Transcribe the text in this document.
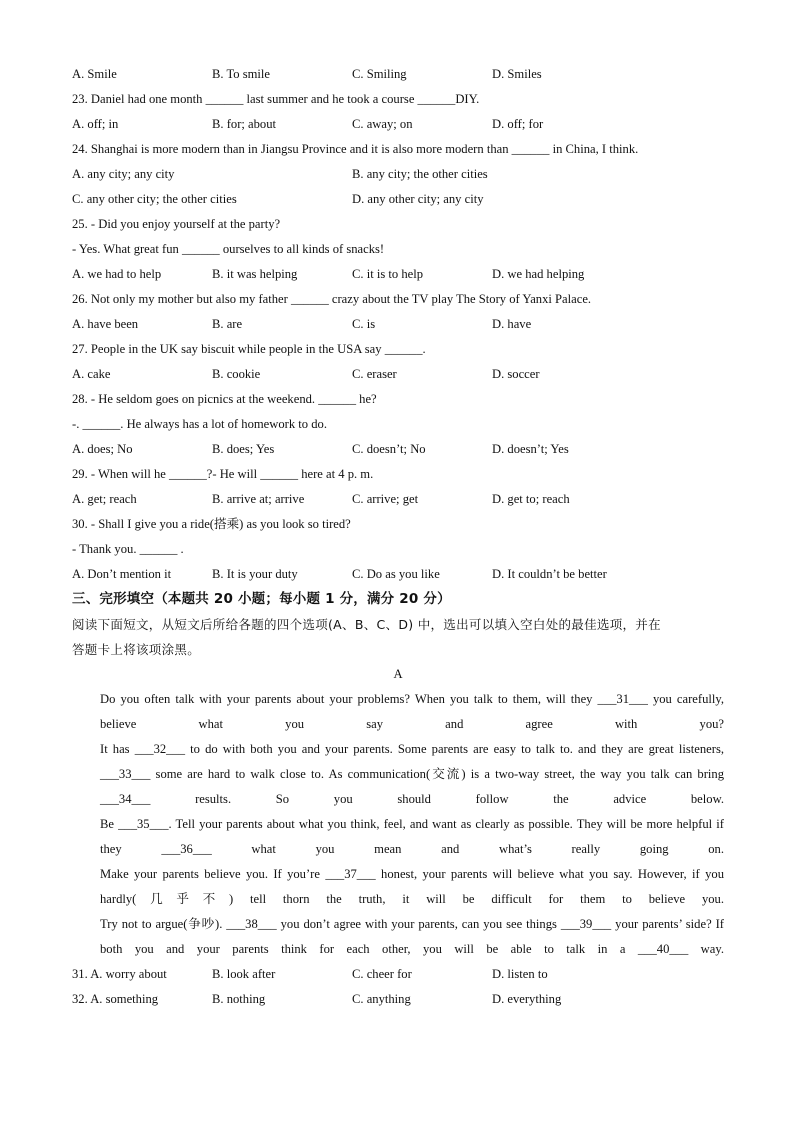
A. Smile	B. To smile	C. Smiling	D. Smiles
23. Daniel had one month ______ last summer and he took a course ______DIY.
A. off; in	B. for; about	C. away; on	D. off; for
24. Shanghai is more modern than in Jiangsu Province and it is also more modern than ______ in China, I think.
A. any city; any city	B. any city; the other cities
C. any other city; the other cities	D. any other city; any city
25. - Did you enjoy yourself at the party?
- Yes. What great fun ______ ourselves to all kinds of snacks!
A. we had to help	B. it was helping	C. it is to help	D. we had helping
26. Not only my mother but also my father ______ crazy about the TV play The Story of Yanxi Palace.
A. have been	B. are	C. is	D. have
27. People in the UK say biscuit while people in the USA say ______.
A. cake	B. cookie	C. eraser	D. soccer
28. - He seldom goes on picnics at the weekend. ______ he?
-. ______. He always has a lot of homework to do.
A. does; No	B. does; Yes	C. doesn’t; No	D. doesn’t; Yes
29. - When will he ______?- He will ______ here at 4 p. m.
A. get; reach	B. arrive at; arrive	C. arrive; get	D. get to; reach
30. - Shall I give you a ride(搭乘) as you look so tired?
- Thank you. ______ .
A. Don’t mention it	B. It is your duty	C. Do as you like	D. It couldn’t be better
三、完形填空（本题共 20 小题；每小题 1 分，满分 20 分）
阅读下面短文，从短文后所给各题的四个选项(A、B、C、D) 中，选出可以填入空白处的最佳选项，并在
答题卡上将该项涂黑。
A
Do you often talk with your parents about your problems? When you talk to them, will they ___31___ you carefully, believe what you say and agree with you?
It has ___32___ to do with both you and your parents. Some parents are easy to talk to. and they are great listeners, ___33___ some are hard to walk close to. As communication(交流) is a two-way street, the way you talk can bring ___34___ results. So you should follow the advice below.
Be ___35___. Tell your parents about what you think, feel, and want as clearly as possible. They will be more helpful if they ___36___ what you mean and what’s really going on.
Make your parents believe you. If you’re ___37___ honest, your parents will believe what you say. However, if you hardly(几乎不) tell thorn the truth, it will be difficult for them to believe you.
Try not to argue(争吵). ___38___ you don’t agree with your parents, can you see things ___39___ your parents’ side? If both you and your parents think for each other, you will be able to talk in a ___40___ way.
31. A. worry about	B. look after	C. cheer for	D. listen to
32. A. something	B. nothing	C. anything	D. everything
